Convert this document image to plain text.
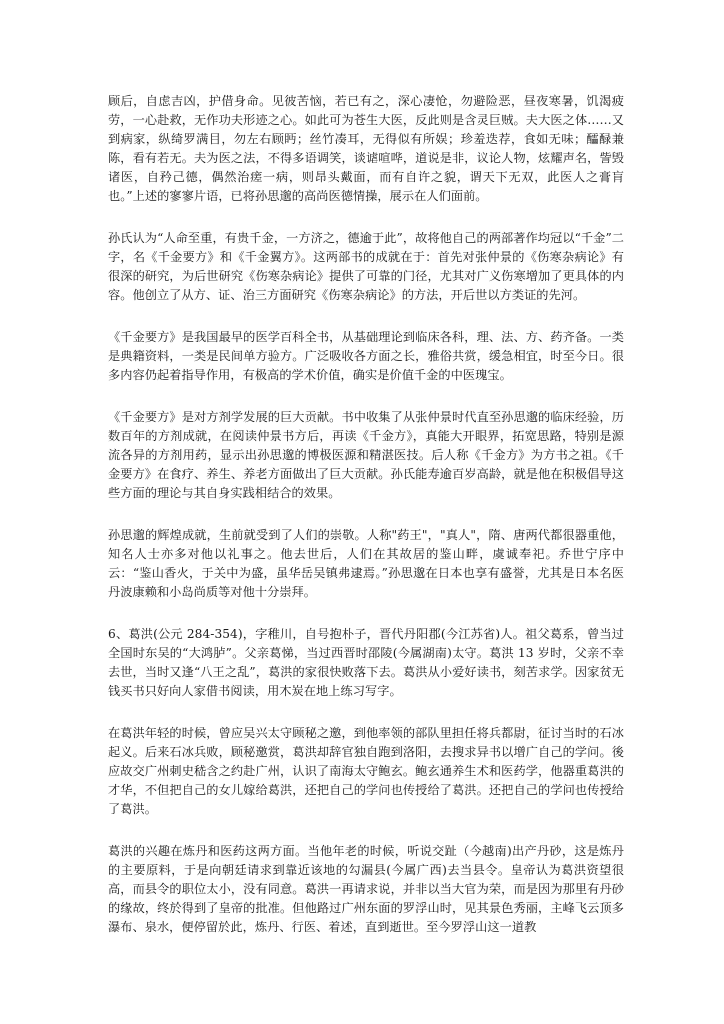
顾后，自虑吉凶，护借身命。见彼苦恼，若已有之，深心凄怆，勿避险恶，昼夜寒暑，饥渴疲劳，一心赴救，无作功夫形迹之心。如此可为苍生大医，反此则是含灵巨贼。夫大医之体……又到病家，纵绮罗满目，勿左右顾眄；丝竹凑耳，无得似有所娱；珍羞迭荐，食如无味；醽醁兼陈，看有若无。夫为医之法，不得多语调笑，谈谑喧哗，道说是非，议论人物，炫耀声名，訾毁诸医，自矜己德，偶然治瘥一病，则昂头戴面，而有自许之貌，谓天下无双，此医人之膏肓也。”上述的寥寥片语，已将孙思邈的高尚医德情操，展示在人们面前。

孙氏认为“人命至重，有贵千金，一方济之，德逾于此”，故将他自己的两部著作均冠以“千金”二字，名《千金要方》和《千金翼方》。这两部书的成就在于：首先对张仲景的《伤寒杂病论》有很深的研究，为后世研究《伤寒杂病论》提供了可靠的门径，尤其对广义伤寒增加了更具体的内容。他创立了从方、证、治三方面研究《伤寒杂病论》的方法，开后世以方类证的先河。

《千金要方》是我国最早的医学百科全书，从基础理论到临床各科，理、法、方、药齐备。一类是典籍资料，一类是民间单方验方。广泛吸收各方面之长，雅俗共赏，缓急相宜，时至今日。很多内容仍起着指导作用，有极高的学术价值，确实是价值千金的中医瑰宝。

《千金要方》是对方剂学发展的巨大贡献。书中收集了从张仲景时代直至孙思邈的临床经验，历数百年的方剂成就，在阅读仲景书方后，再读《千金方》，真能大开眼界，拓宽思路，特别是源流各异的方剂用药，显示出孙思邈的博极医源和精湛医技。后人称《千金方》为方书之祖。《千金要方》在食疗、养生、养老方面做出了巨大贡献。孙氏能寿逾百岁高龄，就是他在积极倡导这些方面的理论与其自身实践相结合的效果。

孙思邈的辉煌成就，生前就受到了人们的崇敬。人称"药王"，"真人"，隋、唐两代都很器重他，知名人士亦多对他以礼事之。他去世后，人们在其故居的鉴山畔，虞诚奉祀。乔世宁序中云：“鉴山香火，于关中为盛，虽华岳吴镇弗逮焉。”孙思邈在日本也享有盛誉，尤其是日本名医丹波康赖和小岛尚质等对他十分崇拜。

6、葛洪(公元 284-354)，字稚川，自号抱朴子，晋代丹阳郡(今江苏省)人。祖父葛系，曾当过全国时东吴的“大鸿胪”。父亲葛悌，当过西晋时邵陵(今属湖南)太守。葛洪 13 岁时，父亲不幸去世，当时又逢“八王之乱”，葛洪的家很快败落下去。葛洪从小爱好读书，刻苦求学。因家贫无钱买书只好向人家借书阅读，用木炭在地上练习写字。

在葛洪年轻的时候，曾应吴兴太守顾秘之邀，到他率领的部队里担任将兵都尉，征讨当时的石冰起义。后来石冰兵败，顾秘邀赏，葛洪却辞官独自跑到洛阳，去搜求异书以增广自己的学问。後应故交广州刺史嵇含之约赴广州，认识了南海太守鲍玄。鲍玄通养生术和医药学，他器重葛洪的才华，不但把自己的女儿嫁给葛洪，还把自己的学问也传授给了葛洪。还把自己的学问也传授给了葛洪。

葛洪的兴趣在炼丹和医药这两方面。当他年老的时候，听说交趾（今越南)出产丹砂，这是炼丹的主要原料，于是向朝廷请求到靠近该地的勾漏县(今属广西)去当县令。皇帝认为葛洪资望很高，而县令的职位太小，没有同意。葛洪一再请求说，并非以当大官为荣，而是因为那里有丹砂的缘故，终於得到了皇帝的批准。但他路过广州东面的罗浮山时，见其景色秀丽，主峰飞云顶多瀑布、泉水，便停留於此，炼丹、行医、着述，直到逝世。至今罗浮山这一道教
